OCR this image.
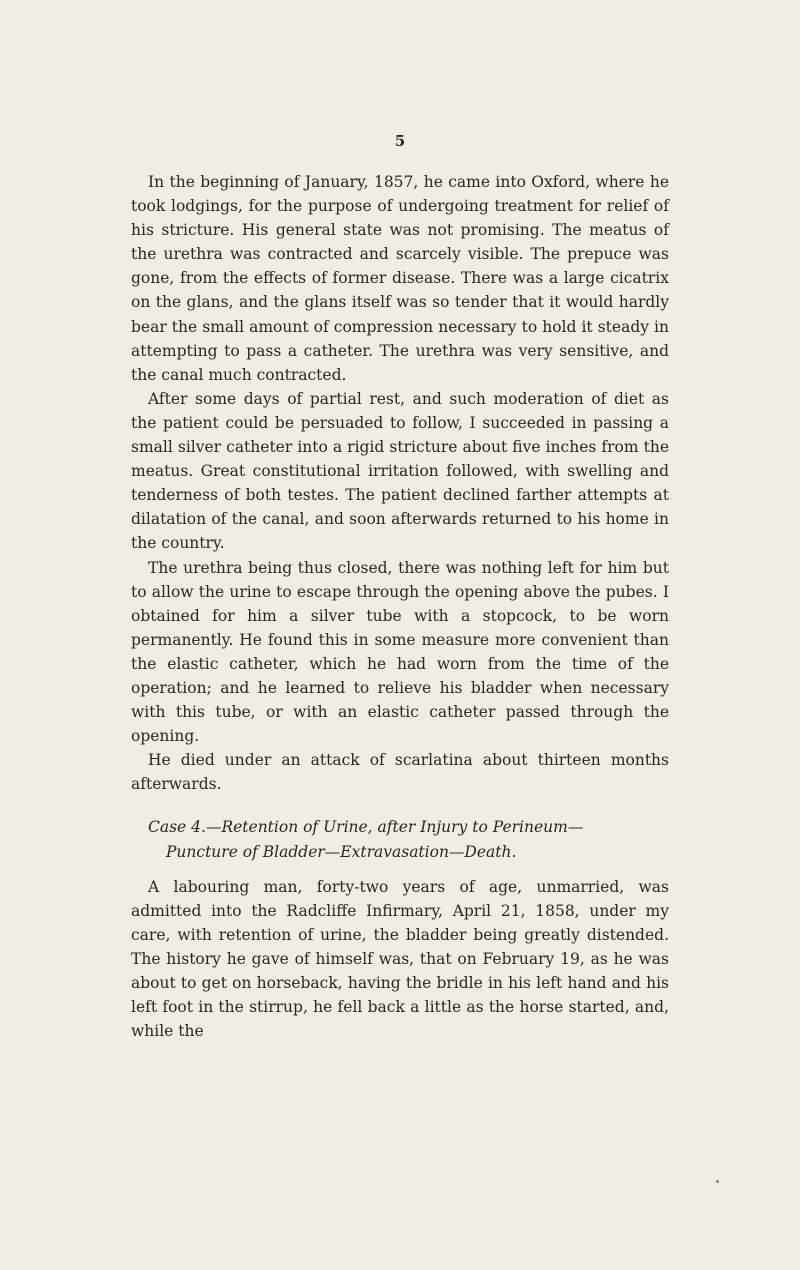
5

In the beginning of January, 1857, he came into Oxford, where he took lodgings, for the purpose of undergoing treatment for relief of his stricture. His general state was not promising. The meatus of the urethra was contracted and scarcely visible. The prepuce was gone, from the effects of former disease. There was a large cicatrix on the glans, and the glans itself was so tender that it would hardly bear the small amount of compression necessary to hold it steady in attempting to pass a catheter. The urethra was very sensitive, and the canal much contracted.

After some days of partial rest, and such moderation of diet as the patient could be persuaded to follow, I succeeded in passing a small silver catheter into a rigid stricture about five inches from the meatus. Great constitutional irritation followed, with swelling and tenderness of both testes. The patient declined farther attempts at dilatation of the canal, and soon afterwards returned to his home in the country.

The urethra being thus closed, there was nothing left for him but to allow the urine to escape through the opening above the pubes. I obtained for him a silver tube with a stopcock, to be worn permanently. He found this in some measure more convenient than the elastic catheter, which he had worn from the time of the operation; and he learned to relieve his bladder when necessary with this tube, or with an elastic catheter passed through the opening.

He died under an attack of scarlatina about thirteen months afterwards.

Case 4.—Retention of Urine, after Injury to Perineum—
Puncture of Bladder—Extravasation—Death.

A labouring man, forty-two years of age, unmarried, was admitted into the Radcliffe Infirmary, April 21, 1858, under my care, with retention of urine, the bladder being greatly distended. The history he gave of himself was, that on February 19, as he was about to get on horseback, having the bridle in his left hand and his left foot in the stirrup, he fell back a little as the horse started, and, while the
